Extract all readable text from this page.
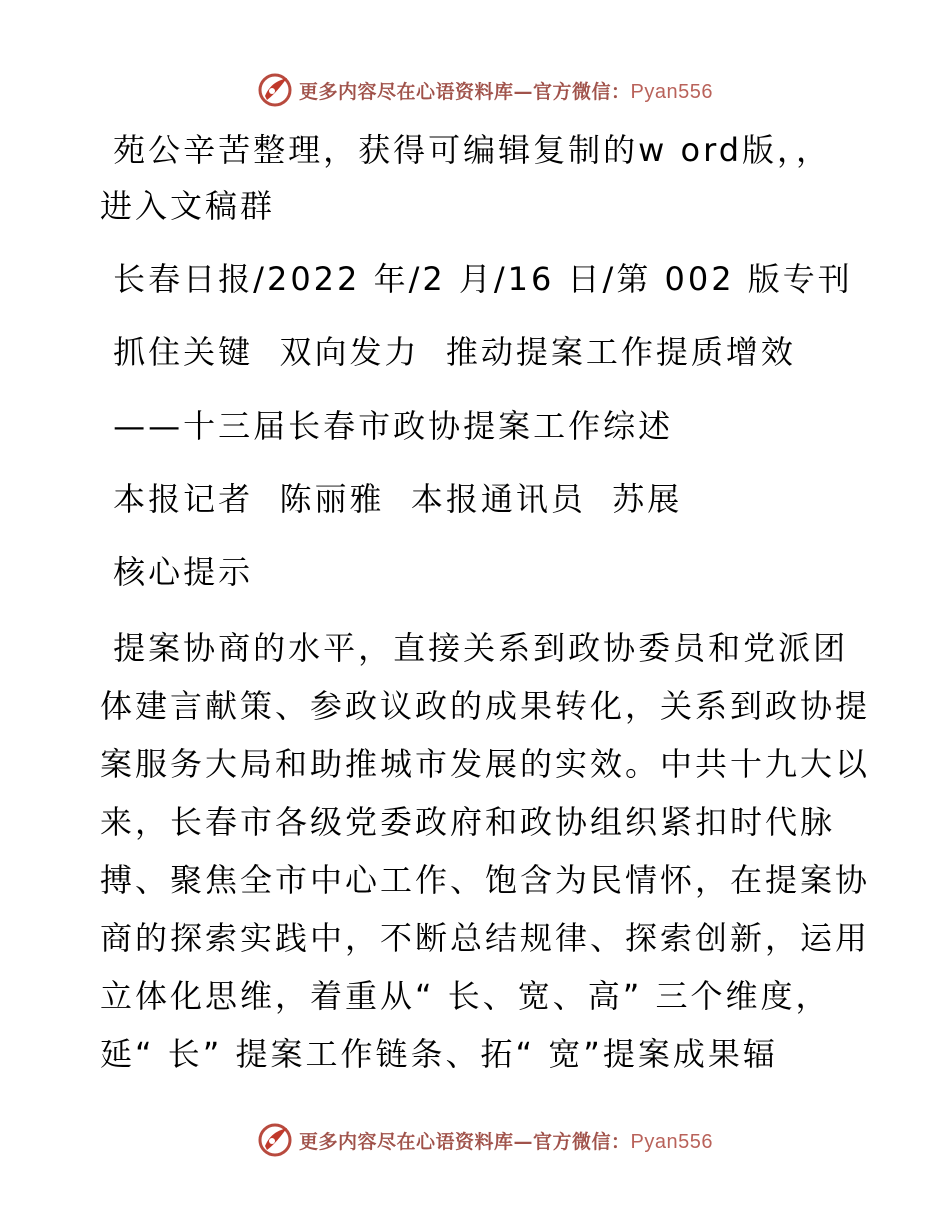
更多内容尽在心语资料库—官方微信：Pyan556
苑公辛苦整理，获得可编辑复制的w ord版，，
进入文稿群
长春日报/2022 年/2 月/16 日/第 002 版专刊
抓住关键  双向发力  推动提案工作提质增效
——十三届长春市政协提案工作综述
本报记者  陈丽雅  本报通讯员  苏展
核心提示
提案协商的水平，直接关系到政协委员和党派团
体建言献策、参政议政的成果转化，关系到政协提
案服务大局和助推城市发展的实效。中共十九大以
来，长春市各级党委政府和政协组织紧扣时代脉
搏、聚焦全市中心工作、饱含为民情怀，在提案协
商的探索实践中，不断总结规律、探索创新，运用
立体化思维，着重从“ 长、宽、高” 三个维度，
延“ 长” 提案工作链条、拓“ 宽”提案成果辐
更多内容尽在心语资料库—官方微信：Pyan556
